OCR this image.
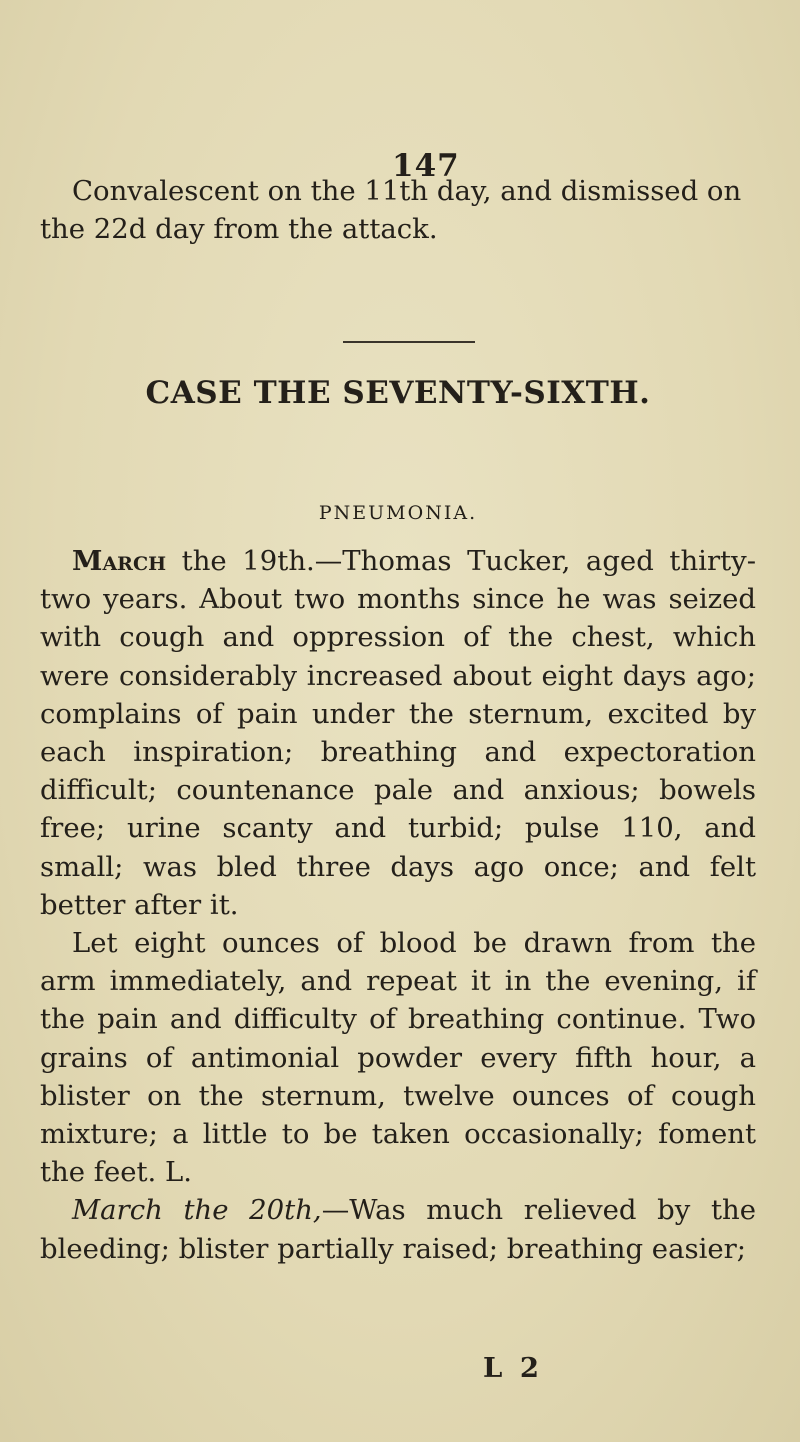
147
Convalescent on the 11th day, and dismissed on the 22d day from the attack.
CASE THE SEVENTY-SIXTH.
PNEUMONIA.

March the 19th.—Thomas Tucker, aged thirty-two years. About two months since he was seized with cough and oppression of the chest, which were considerably increased about eight days ago; complains of pain under the sternum, excited by each inspiration; breathing and expectoration difficult; countenance pale and anxious; bowels free; urine scanty and turbid; pulse 110, and small; was bled three days ago once; and felt better after it.

Let eight ounces of blood be drawn from the arm immediately, and repeat it in the evening, if the pain and difficulty of breathing continue. Two grains of antimonial powder every fifth hour, a blister on the sternum, twelve ounces of cough mixture; a little to be taken occasionally; foment the feet. L.

March the 20th,—Was much relieved by the bleeding; blister partially raised; breathing easier;

L 2
